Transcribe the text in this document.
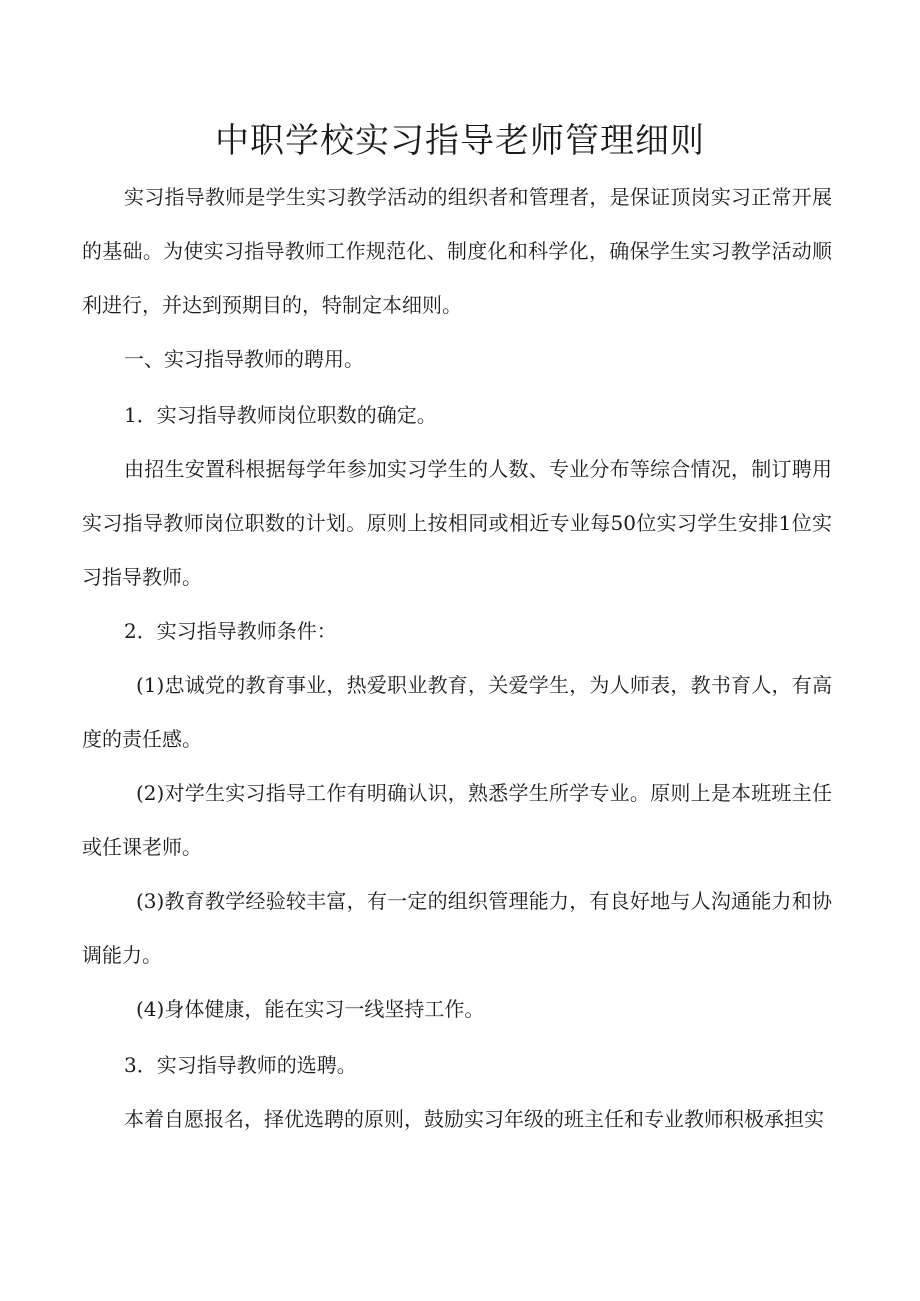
中职学校实习指导老师管理细则

实习指导教师是学生实习教学活动的组织者和管理者，是保证顶岗实习正常开展的基础。为使实习指导教师工作规范化、制度化和科学化，确保学生实习教学活动顺利进行，并达到预期目的，特制定本细则。

一、实习指导教师的聘用。

1．实习指导教师岗位职数的确定。

由招生安置科根据每学年参加实习学生的人数、专业分布等综合情况，制订聘用实习指导教师岗位职数的计划。原则上按相同或相近专业每50位实习学生安排1位实习指导教师。

2．实习指导教师条件：

(1)忠诚党的教育事业，热爱职业教育，关爱学生，为人师表，教书育人，有高度的责任感。

(2)对学生实习指导工作有明确认识，熟悉学生所学专业。原则上是本班班主任或任课老师。

(3)教育教学经验较丰富，有一定的组织管理能力，有良好地与人沟通能力和协调能力。

(4)身体健康，能在实习一线坚持工作。

3．实习指导教师的选聘。

本着自愿报名，择优选聘的原则，鼓励实习年级的班主任和专业教师积极承担实
